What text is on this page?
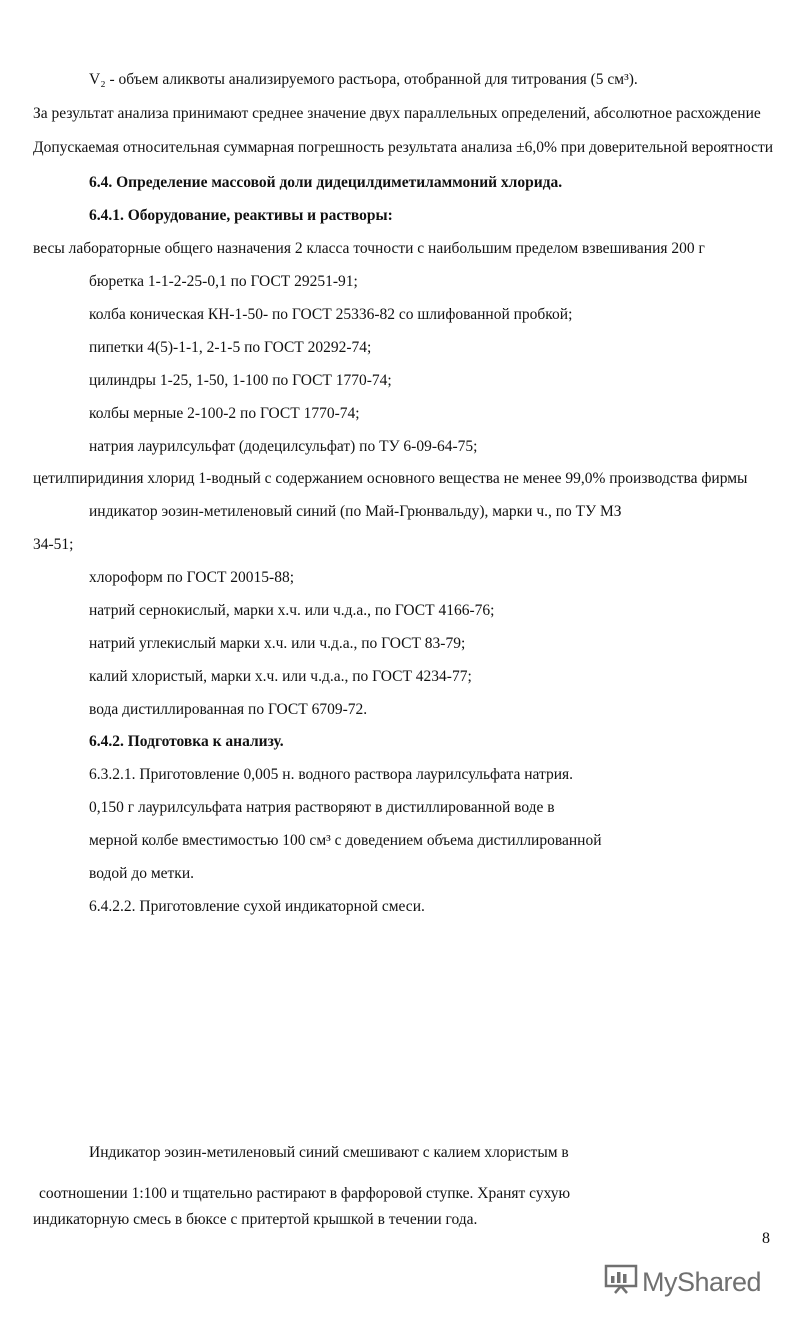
V₂ - объем аликвоты анализируемого растьора, отобранной для титрования (5 см³).
За результат анализа принимают среднее значение двух параллельных определений, абсолютное расхождение
Допускаемая относительная суммарная погрешность результата анализа ±6,0% при доверительной вероятности
6.4. Определение массовой доли дидецилдиметиламмоний хлорида.
6.4.1. Оборудование, реактивы и растворы:
весы лабораторные общего назначения 2 класса точности с наибольшим пределом взвешивания 200 г
бюретка 1-1-2-25-0,1 по ГОСТ 29251-91;
колба коническая КН-1-50- по ГОСТ 25336-82 со шлифованной пробкой;
пипетки 4(5)-1-1, 2-1-5 по ГОСТ 20292-74;
цилиндры 1-25, 1-50, 1-100 по ГОСТ 1770-74;
колбы мерные 2-100-2 по ГОСТ 1770-74;
натрия лаурилсульфат (додецилсульфат) по ТУ 6-09-64-75;
цетилпиридиния хлорид 1-водный с содержанием основного вещества не менее 99,0% производства фирмы
индикатор эозин-метиленовый синий (по Май-Грюнвальду), марки ч., по ТУ МЗ
34-51;
хлороформ по ГОСТ 20015-88;
натрий сернокислый, марки х.ч. или ч.д.а., по ГОСТ 4166-76;
натрий углекислый марки х.ч. или ч.д.а., по ГОСТ 83-79;
калий хлористый, марки х.ч. или ч.д.а., по ГОСТ 4234-77;
вода дистиллированная по ГОСТ 6709-72.
6.4.2. Подготовка к анализу.
6.3.2.1. Приготовление 0,005 н. водного раствора лаурилсульфата натрия.
0,150 г лаурилсульфата натрия растворяют в дистиллированной воде в
мерной колбе вместимостью 100 см³ с доведением объема дистиллированной
водой до метки.
6.4.2.2. Приготовление сухой индикаторной смеси.
Индикатор эозин-метиленовый синий смешивают с калием хлористым в
соотношении 1:100 и тщательно растирают в фарфоровой ступке. Хранят сухую
индикаторную смесь в бюксе с притертой крышкой в течении года.
8
MyShared
